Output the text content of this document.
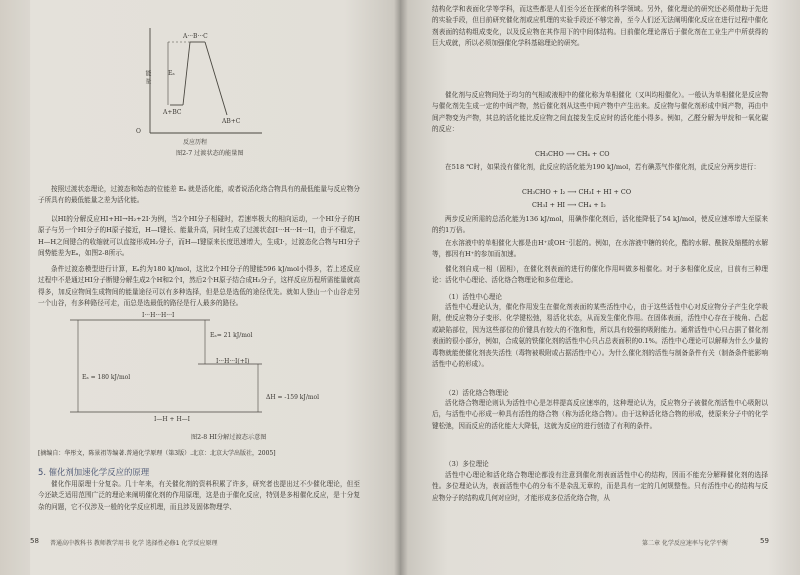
A···B···C
能量	Eₐ
A+BC
AB+C
O
反应历程
图2-7 过渡状态的能量图
按照过渡状态理论，过渡态和始态的位能差 Eₐ 就是活化能，或者说活化络合物具有的最低能量与反应物分子所具有的最低能量之差为活化能。
以HI的分解反应HI+HI→H₂+2I·为例，当2个HI分子相碰时，若速率极大的相向运动，一个HI分子的H原子与另一个HI分子的H原子接近，H—I键长、能量升高，同时生成了过渡状态[I···H···H···I]，由于不稳定，H—H之间键合的收缩就可以直接形成H₂分子，而H—I键原来长度迅速增大，生成I·，过渡态化合物与HI分子间势能差为Eₐ，如图2-8所示。
条件过渡态模型进行计算，Eₐ约为180 kJ/mol，这比2个HI分子的键能596 kJ/mol小得多，若上述反应过程中不是通过HI分子断键分解生成2个H和2个I，然后2个H原子结合成H₂分子，这样反应历程所需能量就高得多，加反应物间生成物间的能量途径可以有多种选择，但是总是选低的途径优先。就如人登山一个山谷走另一个山谷，有多种路径可走，而总是选最低的路径是行人最多的路径。
I···H···H···I
Eₐ= 21 kJ/mol
I···H···I(+I)
Eₐ = 180 kJ/mol
ΔH = -159 kJ/mol
I—H + H—I
图2-8 HI分解过渡态示意图
[摘编自：华彤文，陈景祖等编著.普通化学原理（第3版）.北京：北京大学出版社，2005]
5. 催化剂加速化学反应的原理
催化作用原理十分复杂。几十年来，有关催化剂的资料积累了许多，研究者也提出过不少催化理论，但至今还缺乏适用范围广泛的理论来阐明催化剂的作用原理，这是由于催化反应，特别是多相催化反应，是十分复杂的问题，它不仅涉及一般的化学反应机理，而且涉及固体物理学、
58 普通高中教科书 教师教学用书 化学 选择性必修1 化学反应原理
结构化学和表面化学等学科，而这些都是人们至今还在探索的科学领域。另外，催化理论的研究还必须借助于先进的实验手段，但目前研究催化剂或应机理的实验手段还不够完善，至今人们还无法阐明催化反应在进行过程中催化剂表面的结构组成变化，以及反应物在其作用下的中间体结构。目前催化理论落后于催化剂在工业生产中所获得的巨大成就，所以必须加强催化学科基础理论的研究。
催化剂与反应物间处于均匀的气相或液相中的催化称为单相催化（又叫均相催化）。一般认为单相催化是反应物与催化剂先生成一定的中间产物，然后催化剂从这些中间产物中产生出来。反应物与催化剂形成中间产物，再由中间产物变为产物，其总的活化能比反应物之间直接发生反应时的活化能小得多。例如，乙醛分解为甲烷和一氧化碳的反应：
CH₃CHO ⟶ CH₄ + CO
在518 ℃时，如果没有催化剂，此反应的活化能为190 kJ/mol，若有碘蒸气作催化剂，此反应分两步进行：
CH₃CHO + I₂ ⟶ CH₃I + HI + CO
CH₃I + HI ⟶ CH₄ + I₂
两步反应所需的总活化能为136 kJ/mol，用碘作催化剂后，活化能降低了54 kJ/mol，使反应速率增大至原来的约1万倍。
在水溶液中的单相催化大都是由H⁺或OH⁻引起的。例如，在水溶液中糖的转化，酯的水解、酰胺及缩醛的水解等，都因有H⁺的参加而加速。
催化剂自成一相（固相），在催化剂表面的进行的催化作用叫做多相催化。对于多相催化反应，目前有三种理论：活化中心理论、活化络合物理论和多位理论。
（1）活性中心理论
活性中心理论认为，催化作用发生在催化剂表面的某些活性中心，由于这些活性中心对反应物分子产生化学吸附，使反应物分子变形、化学键松弛，易活化状态，从而发生催化作用。在固体表面，活性中心存在于棱角、凸起或缺陷部位，因为这些部位的价键具有较大的不饱和性，所以具有较强的吸附能力。通常活性中心只占据了催化剂表面的很小部分，例如，合成氨的铁催化剂的活性中心只占总表面积的0.1%。活性中心理论可以解释为什么少量的毒物就能使催化剂丧失活性（毒物被吸附或占据活性中心）。为什么催化剂的活性与制备条件有关（制备条件能影响活性中心的形成）。
（2）活化络合物理论
活化络合物理论则认为活性中心是怎样提高反应速率的，这种理论认为，反应物分子被催化剂活性中心吸附以后，与活性中心形成一种具有活性的络合物（称为活化络合物）。由于这种活化络合物的形成，使原来分子中的化学键松弛，因而反应的活化能大大降低，这就为反应的进行创造了有利的条件。
（3）多位理论
活性中心理论和活化络合物理论都没有注意到催化剂表面活性中心的结构，因而不能充分解释催化剂的选择性。多位理论认为，表面活性中心的分布不是杂乱无章的，而是具有一定的几何规整性。只有活性中心的结构与反应物分子的结构成几何对应时，才能形成多位活化络合物，从
第二章 化学反应速率与化学平衡	59
